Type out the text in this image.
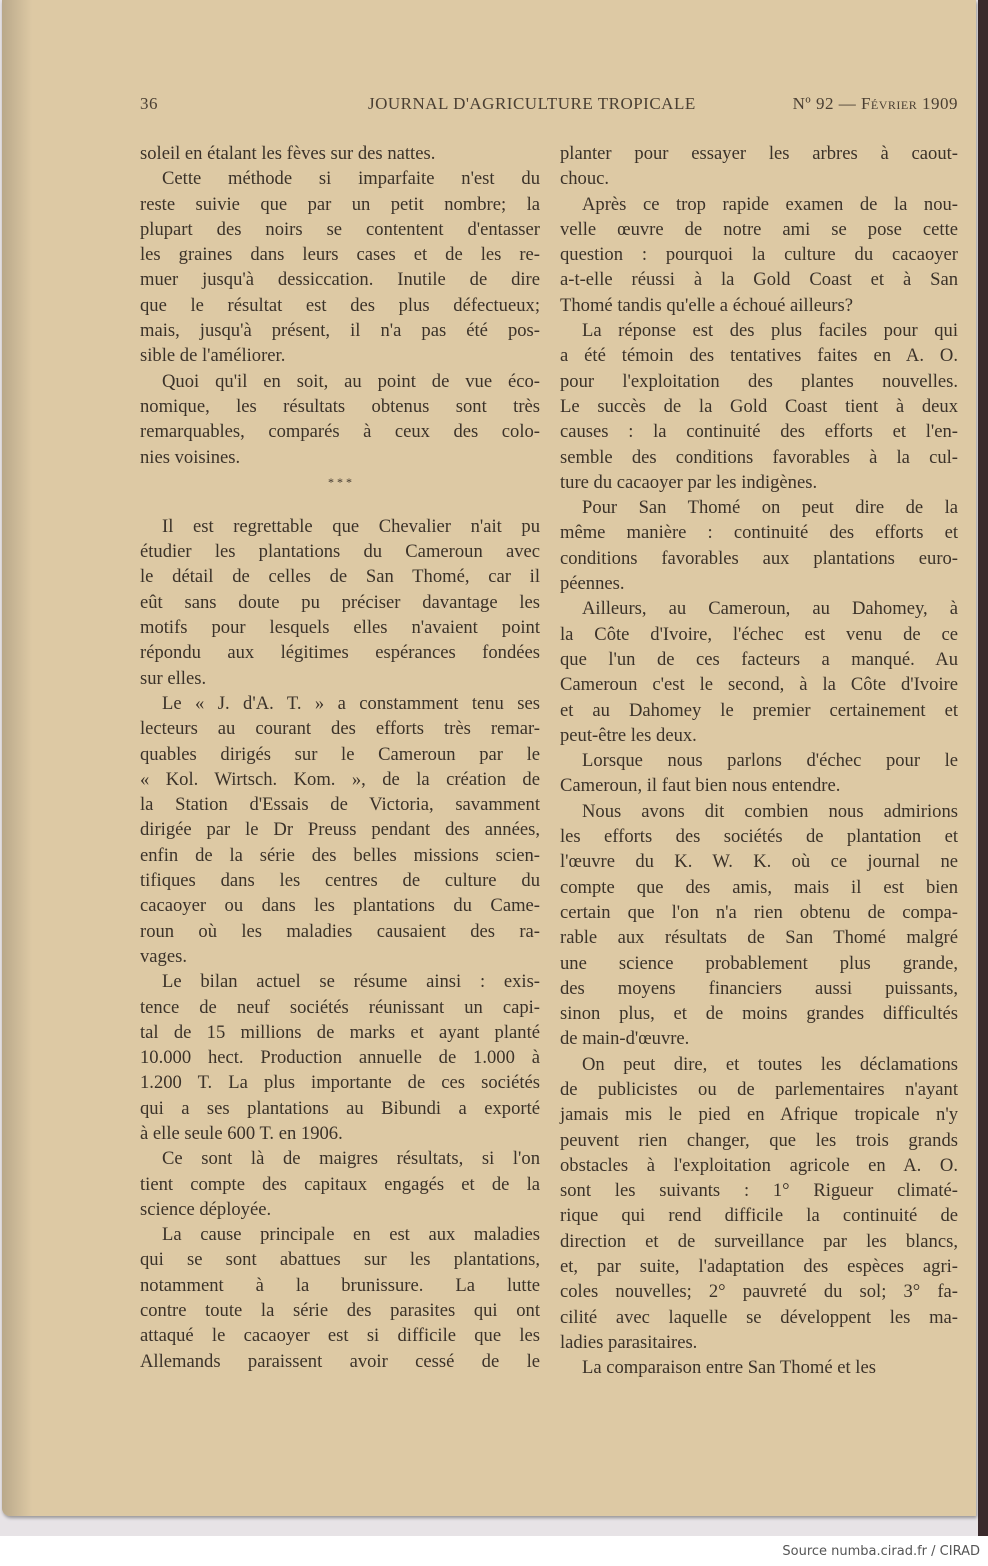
36	JOURNAL D'AGRICULTURE TROPICALE	Nº 92 — Février 1909
soleil en étalant les fèves sur des nattes.
Cette méthode si imparfaite n'est du
reste suivie que par un petit nombre; la
plupart des noirs se contentent d'entasser
les graines dans leurs cases et de les re-
muer jusqu'à dessiccation. Inutile de dire
que le résultat est des plus défectueux;
mais, jusqu'à présent, il n'a pas été pos-
sible de l'améliorer.
Quoi qu'il en soit, au point de vue éco-
nomique, les résultats obtenus sont très
remarquables, comparés à ceux des colo-
nies voisines.
* * *
Il est regrettable que Chevalier n'ait pu
étudier les plantations du Cameroun avec
le détail de celles de San Thomé, car il
eût sans doute pu préciser davantage les
motifs pour lesquels elles n'avaient point
répondu aux légitimes espérances fondées
sur elles.
Le « J. d'A. T. » a constamment tenu ses
lecteurs au courant des efforts très remar-
quables dirigés sur le Cameroun par le
« Kol. Wirtsch. Kom. », de la création de
la Station d'Essais de Victoria, savamment
dirigée par le Dr Preuss pendant des années,
enfin de la série des belles missions scien-
tifiques dans les centres de culture du
cacaoyer ou dans les plantations du Came-
roun où les maladies causaient des ra-
vages.
Le bilan actuel se résume ainsi : exis-
tence de neuf sociétés réunissant un capi-
tal de 15 millions de marks et ayant planté
10.000 hect. Production annuelle de 1.000 à
1.200 T. La plus importante de ces sociétés
qui a ses plantations au Bibundi a exporté
à elle seule 600 T. en 1906.
Ce sont là de maigres résultats, si l'on
tient compte des capitaux engagés et de la
science déployée.
La cause principale en est aux maladies
qui se sont abattues sur les plantations,
notamment à la brunissure. La lutte
contre toute la série des parasites qui ont
attaqué le cacaoyer est si difficile que les
Allemands paraissent avoir cessé de le
planter pour essayer les arbres à caout-
chouc.
Après ce trop rapide examen de la nou-
velle œuvre de notre ami se pose cette
question : pourquoi la culture du cacaoyer
a-t-elle réussi à la Gold Coast et à San
Thomé tandis qu'elle a échoué ailleurs?
La réponse est des plus faciles pour qui
a été témoin des tentatives faites en A. O.
pour l'exploitation des plantes nouvelles.
Le succès de la Gold Coast tient à deux
causes : la continuité des efforts et l'en-
semble des conditions favorables à la cul-
ture du cacaoyer par les indigènes.
Pour San Thomé on peut dire de la
même manière : continuité des efforts et
conditions favorables aux plantations euro-
péennes.
Ailleurs, au Cameroun, au Dahomey, à
la Côte d'Ivoire, l'échec est venu de ce
que l'un de ces facteurs a manqué. Au
Cameroun c'est le second, à la Côte d'Ivoire
et au Dahomey le premier certainement et
peut-être les deux.
Lorsque nous parlons d'échec pour le
Cameroun, il faut bien nous entendre.
Nous avons dit combien nous admirions
les efforts des sociétés de plantation et
l'œuvre du K. W. K. où ce journal ne
compte que des amis, mais il est bien
certain que l'on n'a rien obtenu de compa-
rable aux résultats de San Thomé malgré
une science probablement plus grande,
des moyens financiers aussi puissants,
sinon plus, et de moins grandes difficultés
de main-d'œuvre.
On peut dire, et toutes les déclamations
de publicistes ou de parlementaires n'ayant
jamais mis le pied en Afrique tropicale n'y
peuvent rien changer, que les trois grands
obstacles à l'exploitation agricole en A. O.
sont les suivants : 1° Rigueur climaté-
rique qui rend difficile la continuité de
direction et de surveillance par les blancs,
et, par suite, l'adaptation des espèces agri-
coles nouvelles; 2° pauvreté du sol; 3° fa-
cilité avec laquelle se développent les ma-
ladies parasitaires.
La comparaison entre San Thomé et les
Source numba.cirad.fr / CIRAD
